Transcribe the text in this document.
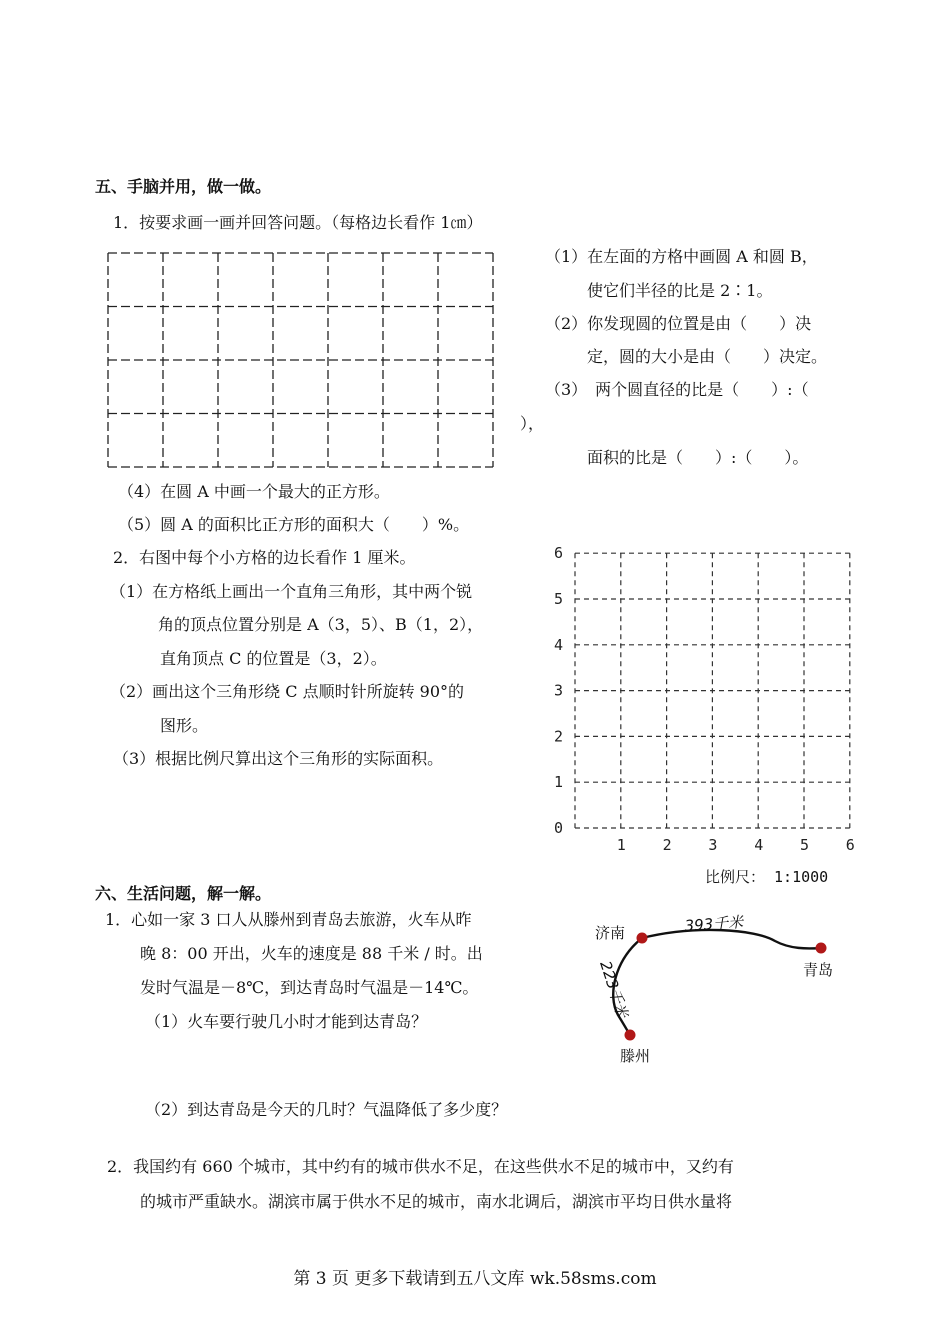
五、手脑并用，做一做。
1．按要求画一画并回答问题。（每格边长看作 1㎝）
（1）在左面的方格中画圆 A 和圆 B，
使它们半径的比是 2∶1。
（2）你发现圆的位置是由（　　）决
定，圆的大小是由（　　）决定。
（3）　两个圆直径的比是（　　）:（
），
面积的比是（　　）:（　　）。
（4）在圆 A 中画一个最大的正方形。
（5）圆 A 的面积比正方形的面积大（　　）%。
2．右图中每个小方格的边长看作 1 厘米。
（1）在方格纸上画出一个直角三角形，其中两个锐
角的顶点位置分别是 A（3，5）、B（1，2），
直角顶点 C 的位置是（3，2）。
（2）画出这个三角形绕 C 点顺时针所旋转 90°的
图形。
（3）根据比例尺算出这个三角形的实际面积。
1 2 3 4 5 6
0
1
2
3
4
5
6
比例尺： 1:1000
六、生活问题，解一解。
1．心如一家 3 口人从滕州到青岛去旅游，火车从昨
晚 8：00 开出，火车的速度是 88 千米 / 时。出
发时气温是－8℃，到达青岛时气温是－14℃。
（1）火车要行驶几小时才能到达青岛？
（2）到达青岛是今天的几时？气温降低了多少度？
济南
青岛
滕州
393千米
223千米
2．我国约有 660 个城市，其中约有的城市供水不足，在这些供水不足的城市中，又约有
的城市严重缺水。湖滨市属于供水不足的城市，南水北调后，湖滨市平均日供水量将
第 3 页 更多下载请到五八文库 wk.58sms.com
